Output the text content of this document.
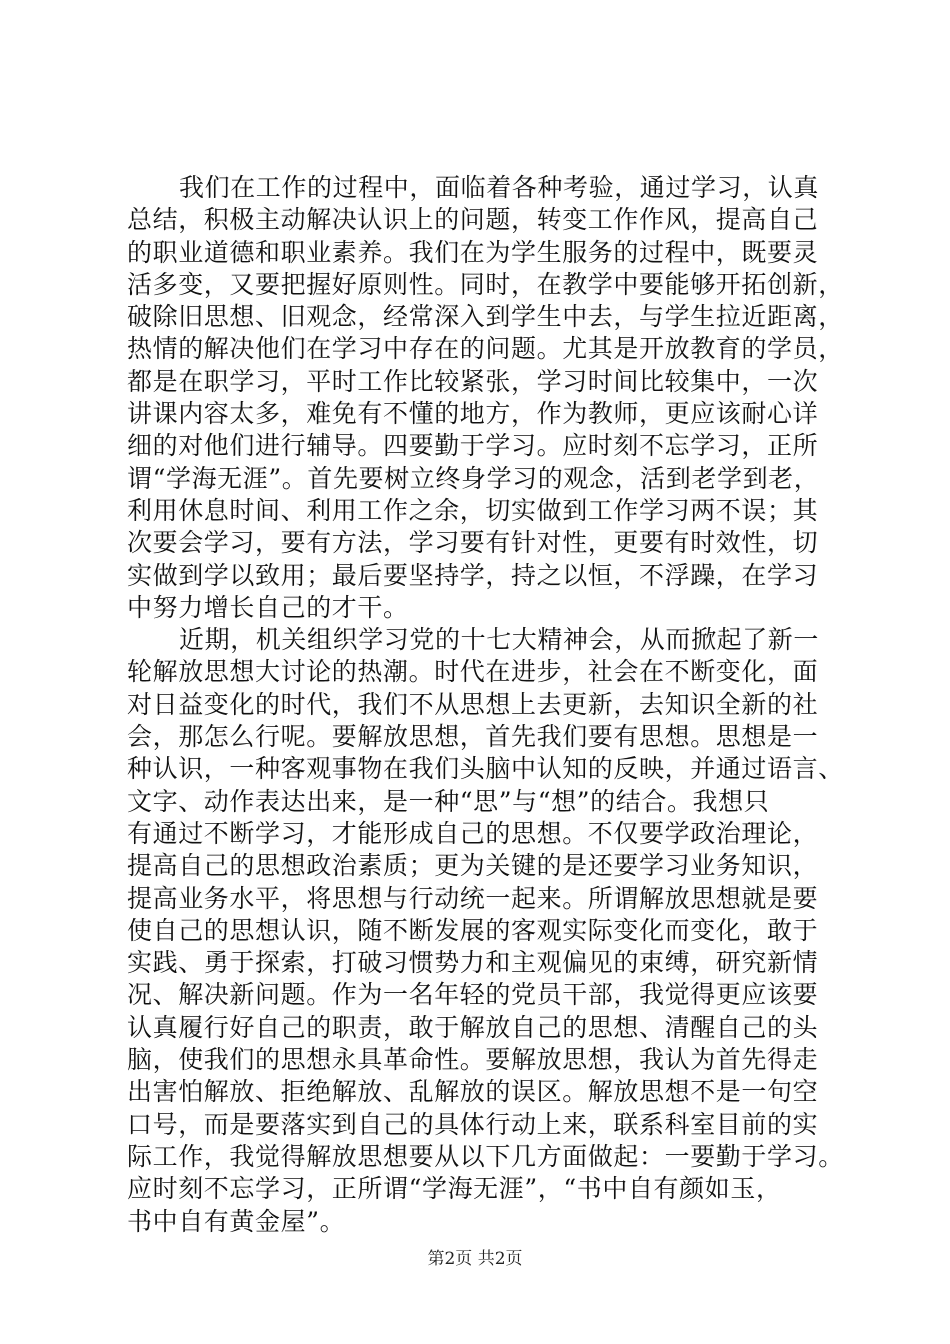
我们在工作的过程中，面临着各种考验，通过学习，认真
总结，积极主动解决认识上的问题，转变工作作风，提高自己
的职业道德和职业素养。我们在为学生服务的过程中，既要灵
活多变，又要把握好原则性。同时，在教学中要能够开拓创新，
破除旧思想、旧观念，经常深入到学生中去，与学生拉近距离，
热情的解决他们在学习中存在的问题。尤其是开放教育的学员，
都是在职学习，平时工作比较紧张，学习时间比较集中，一次
讲课内容太多，难免有不懂的地方，作为教师，更应该耐心详
细的对他们进行辅导。四要勤于学习。应时刻不忘学习，正所
谓“学海无涯”。首先要树立终身学习的观念，活到老学到老，
利用休息时间、利用工作之余，切实做到工作学习两不误；其
次要会学习，要有方法，学习要有针对性，更要有时效性，切
实做到学以致用；最后要坚持学，持之以恒，不浮躁，在学习
中努力增长自己的才干。

近期，机关组织学习党的十七大精神会，从而掀起了新一
轮解放思想大讨论的热潮。时代在进步，社会在不断变化，面
对日益变化的时代，我们不从思想上去更新，去知识全新的社
会，那怎么行呢。要解放思想，首先我们要有思想。思想是一
种认识，一种客观事物在我们头脑中认知的反映，并通过语言、
文字、动作表达出来，是一种“思”与“想”的结合。我想只
有通过不断学习，才能形成自己的思想。不仅要学政治理论，
提高自己的思想政治素质；更为关键的是还要学习业务知识，
提高业务水平，将思想与行动统一起来。所谓解放思想就是要
使自己的思想认识，随不断发展的客观实际变化而变化，敢于
实践、勇于探索，打破习惯势力和主观偏见的束缚，研究新情
况、解决新问题。作为一名年轻的党员干部，我觉得更应该要
认真履行好自己的职责，敢于解放自己的思想、清醒自己的头
脑，使我们的思想永具革命性。要解放思想，我认为首先得走
出害怕解放、拒绝解放、乱解放的误区。解放思想不是一句空
口号，而是要落实到自己的具体行动上来，联系科室目前的实
际工作，我觉得解放思想要从以下几方面做起：一要勤于学习。
应时刻不忘学习，正所谓“学海无涯”，“书中自有颜如玉，
书中自有黄金屋”。

第2页 共2页
